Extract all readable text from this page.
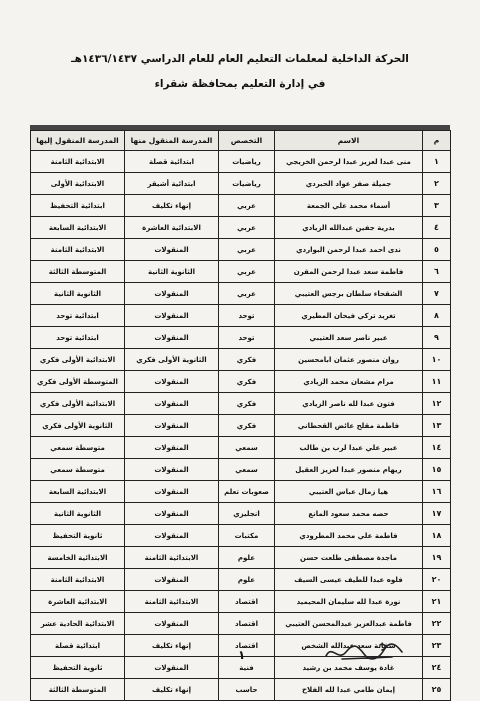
الحركة الداخلية لمعلمات التعليم العام للعام الدراسي ١٤٣٦/١٤٣٧هـ
في إدارة التعليم بمحافظة شقراء
م	الاسم	التخصص	المدرسة المنقول منها	المدرسة المنقول إليها
١	منى عبدا لعزيز عبدا لرحمن الخريجي	رياضيات	ابتدائية قصلة	الابتدائية الثامنة
٢	جميلة صفر عواد الحبردي	رياضيات	ابتدائية أشيقر	الابتدائية الأولى
٣	أسماء محمد علي الجمعة	عربي	إنهاء تكليف	ابتدائية التحفيظ
٤	بدرية جفين عبدالله الزيادي	عربي	الابتدائية العاشرة	الابتدائية السابعة
٥	ندى احمد عبدا لرحمن البواردي	عربي	المنقولات	الابتدائية الثامنة
٦	فاطمة سعد عبدا لرحمن المقرن	عربي	الثانوية الثانية	المتوسطة الثالثة
٧	الشقحاء سلطان برجس العتيبي	عربي	المنقولات	الثانوية الثانية
٨	تغريد تركي فيحان المطيري	توحد	المنقولات	ابتدائية توحد
٩	عبير ناصر سعد العتيبي	توحد	المنقولات	ابتدائية توحد
١٠	روان منصور عثمان ابامحسين	فكري	الثانوية الأولى فكري	الابتدائية الأولى فكري
١١	مرام مشعان محمد الزيادي	فكري	المنقولات	المتوسطة الأولى فكري
١٢	فتون عبدا لله ناصر الزيادي	فكري	المنقولات	الابتدائية الأولى فكري
١٣	فاطمة مقلح عائض القحطاني	فكري	المنقولات	الثانوية الأولى فكري
١٤	عبير علي عبدا لرب بن طالب	سمعي	المنقولات	متوسطة سمعي
١٥	ريهام منصور عبدا لعزيز العقيل	سمعي	المنقولات	متوسطة سمعي
١٦	هيا زمال عباس العتيبي	صعوبات تعلم	المنقولات	الابتدائية السابعة
١٧	حصه محمد سعود المانع	انجليزي	المنقولات	الثانوية الثانية
١٨	فاطمة علي محمد المطرودي	مكتبات	المنقولات	ثانوية التحفيظ
١٩	ماجدة مصطفى طلعت حسن	علوم	الابتدائية الثامنة	الابتدائية الخامسة
٢٠	فلوه عبدا للطيف عيسى السيف	علوم	المنقولات	الابتدائية الثامنة
٢١	نورة عبدا لله سليمان المحيميد	اقتصاد	الابتدائية الثامنة	الابتدائية العاشرة
٢٢	فاطمة عبدالعزيز عبدالمحسن العتيبي	اقتصاد	المنقولات	الابتدائية الحادية عشر
٢٣	سفانة سعد عبدالله الشخص	اقتصاد	إنهاء تكليف	ابتدائية قصلة
٢٤	غادة يوسف محمد بن رشيد	فنية	المنقولات	ثانوية التحفيظ
٢٥	إيمان طامي عبدا لله الفلاح	حاسب	إنهاء تكليف	المتوسطة الثالثة
١
